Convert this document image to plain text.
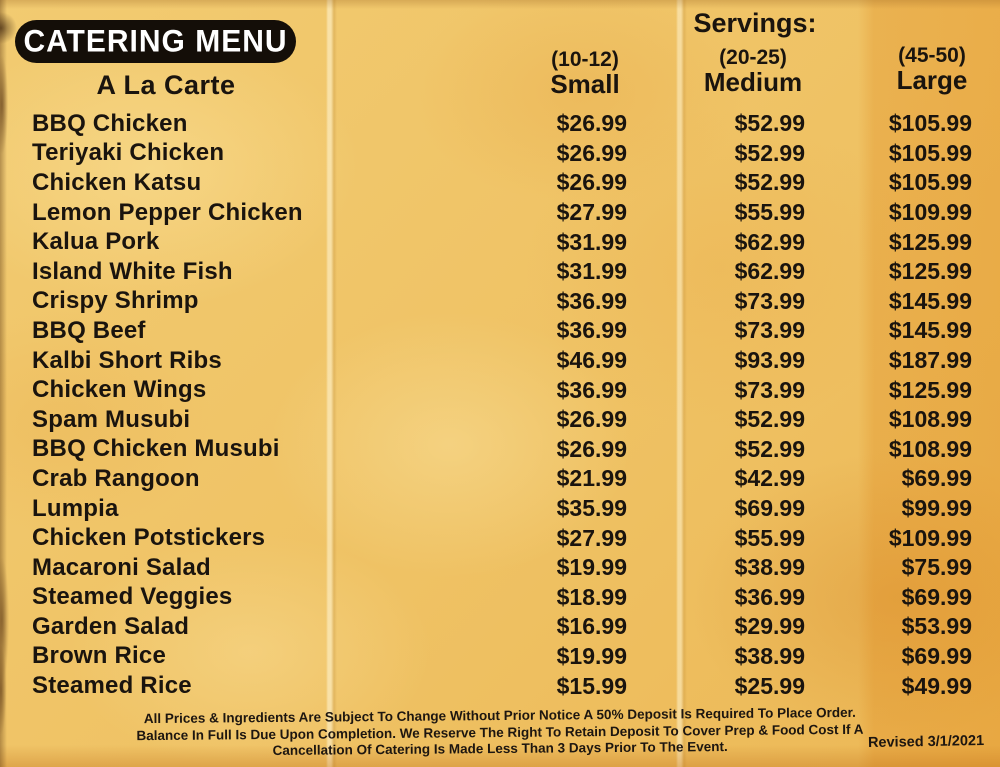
CATERING MENU
Servings:
(10-12)
Small
(20-25)
Medium
(45-50)
Large
A La Carte
BBQ Chicken	$26.99	$52.99	$105.99
Teriyaki Chicken	$26.99	$52.99	$105.99
Chicken Katsu	$26.99	$52.99	$105.99
Lemon Pepper Chicken	$27.99	$55.99	$109.99
Kalua Pork	$31.99	$62.99	$125.99
Island White Fish	$31.99	$62.99	$125.99
Crispy Shrimp	$36.99	$73.99	$145.99
BBQ Beef	$36.99	$73.99	$145.99
Kalbi Short Ribs	$46.99	$93.99	$187.99
Chicken Wings	$36.99	$73.99	$125.99
Spam Musubi	$26.99	$52.99	$108.99
BBQ Chicken Musubi	$26.99	$52.99	$108.99
Crab Rangoon	$21.99	$42.99	$69.99
Lumpia	$35.99	$69.99	$99.99
Chicken Potstickers	$27.99	$55.99	$109.99
Macaroni Salad	$19.99	$38.99	$75.99
Steamed Veggies	$18.99	$36.99	$69.99
Garden Salad	$16.99	$29.99	$53.99
Brown Rice	$19.99	$38.99	$69.99
Steamed Rice	$15.99	$25.99	$49.99
All Prices & Ingredients Are Subject To Change Without Prior Notice A 50% Deposit Is Required To Place Order.
Balance In Full Is Due Upon Completion. We Reserve The Right To Retain Deposit To Cover Prep & Food Cost If A
Cancellation Of Catering Is Made Less Than 3 Days Prior To The Event.	Revised 3/1/2021
